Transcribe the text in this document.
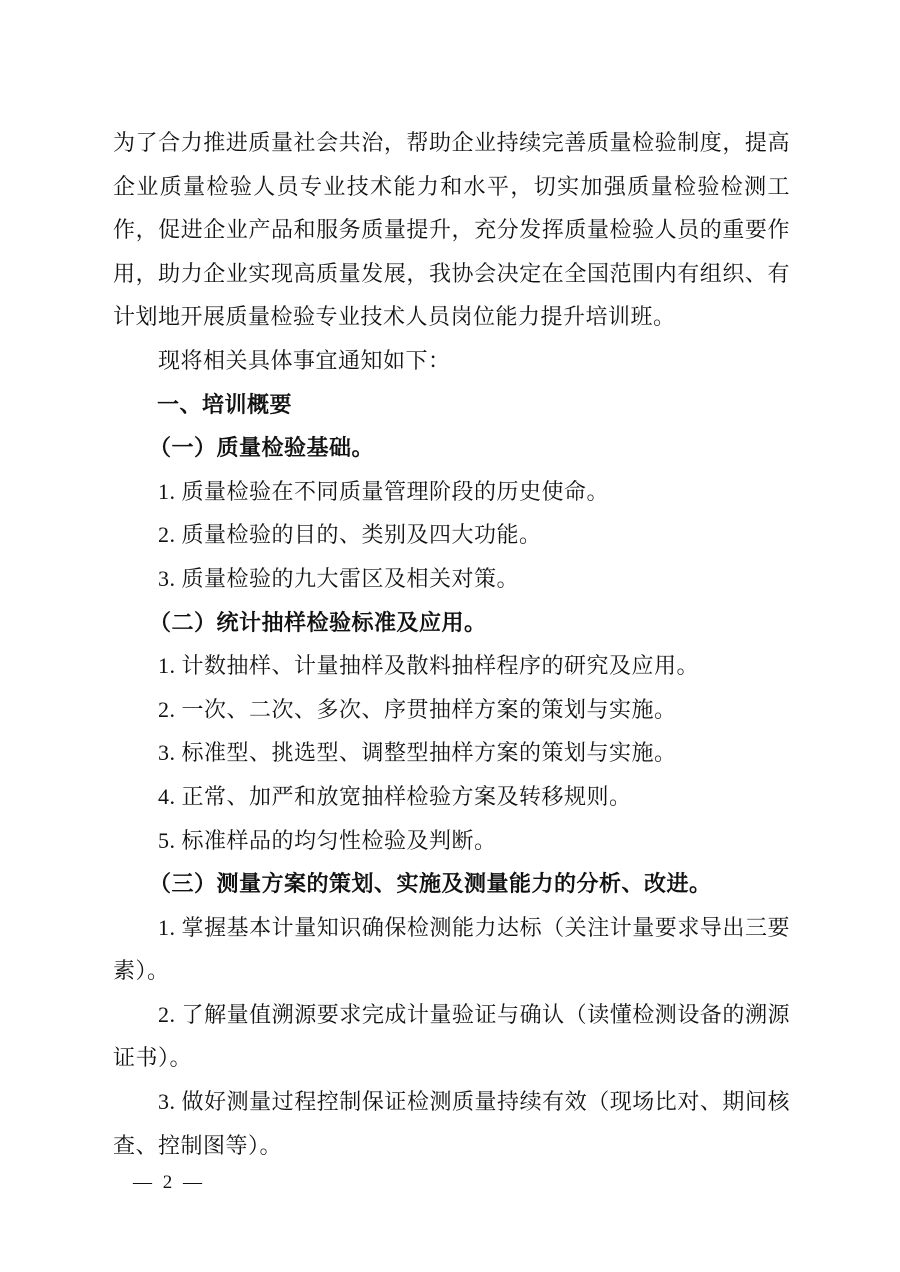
为了合力推进质量社会共治，帮助企业持续完善质量检验制度，提高企业质量检验人员专业技术能力和水平，切实加强质量检验检测工作，促进企业产品和服务质量提升，充分发挥质量检验人员的重要作用，助力企业实现高质量发展，我协会决定在全国范围内有组织、有计划地开展质量检验专业技术人员岗位能力提升培训班。
现将相关具体事宜通知如下：
一、培训概要
（一）质量检验基础。
1. 质量检验在不同质量管理阶段的历史使命。
2. 质量检验的目的、类别及四大功能。
3. 质量检验的九大雷区及相关对策。
（二）统计抽样检验标准及应用。
1. 计数抽样、计量抽样及散料抽样程序的研究及应用。
2. 一次、二次、多次、序贯抽样方案的策划与实施。
3. 标准型、挑选型、调整型抽样方案的策划与实施。
4. 正常、加严和放宽抽样检验方案及转移规则。
5. 标准样品的均匀性检验及判断。
（三）测量方案的策划、实施及测量能力的分析、改进。
1. 掌握基本计量知识确保检测能力达标（关注计量要求导出三要素）。
2. 了解量值溯源要求完成计量验证与确认（读懂检测设备的溯源证书）。
3. 做好测量过程控制保证检测质量持续有效（现场比对、期间核查、控制图等）。
— 2 —
